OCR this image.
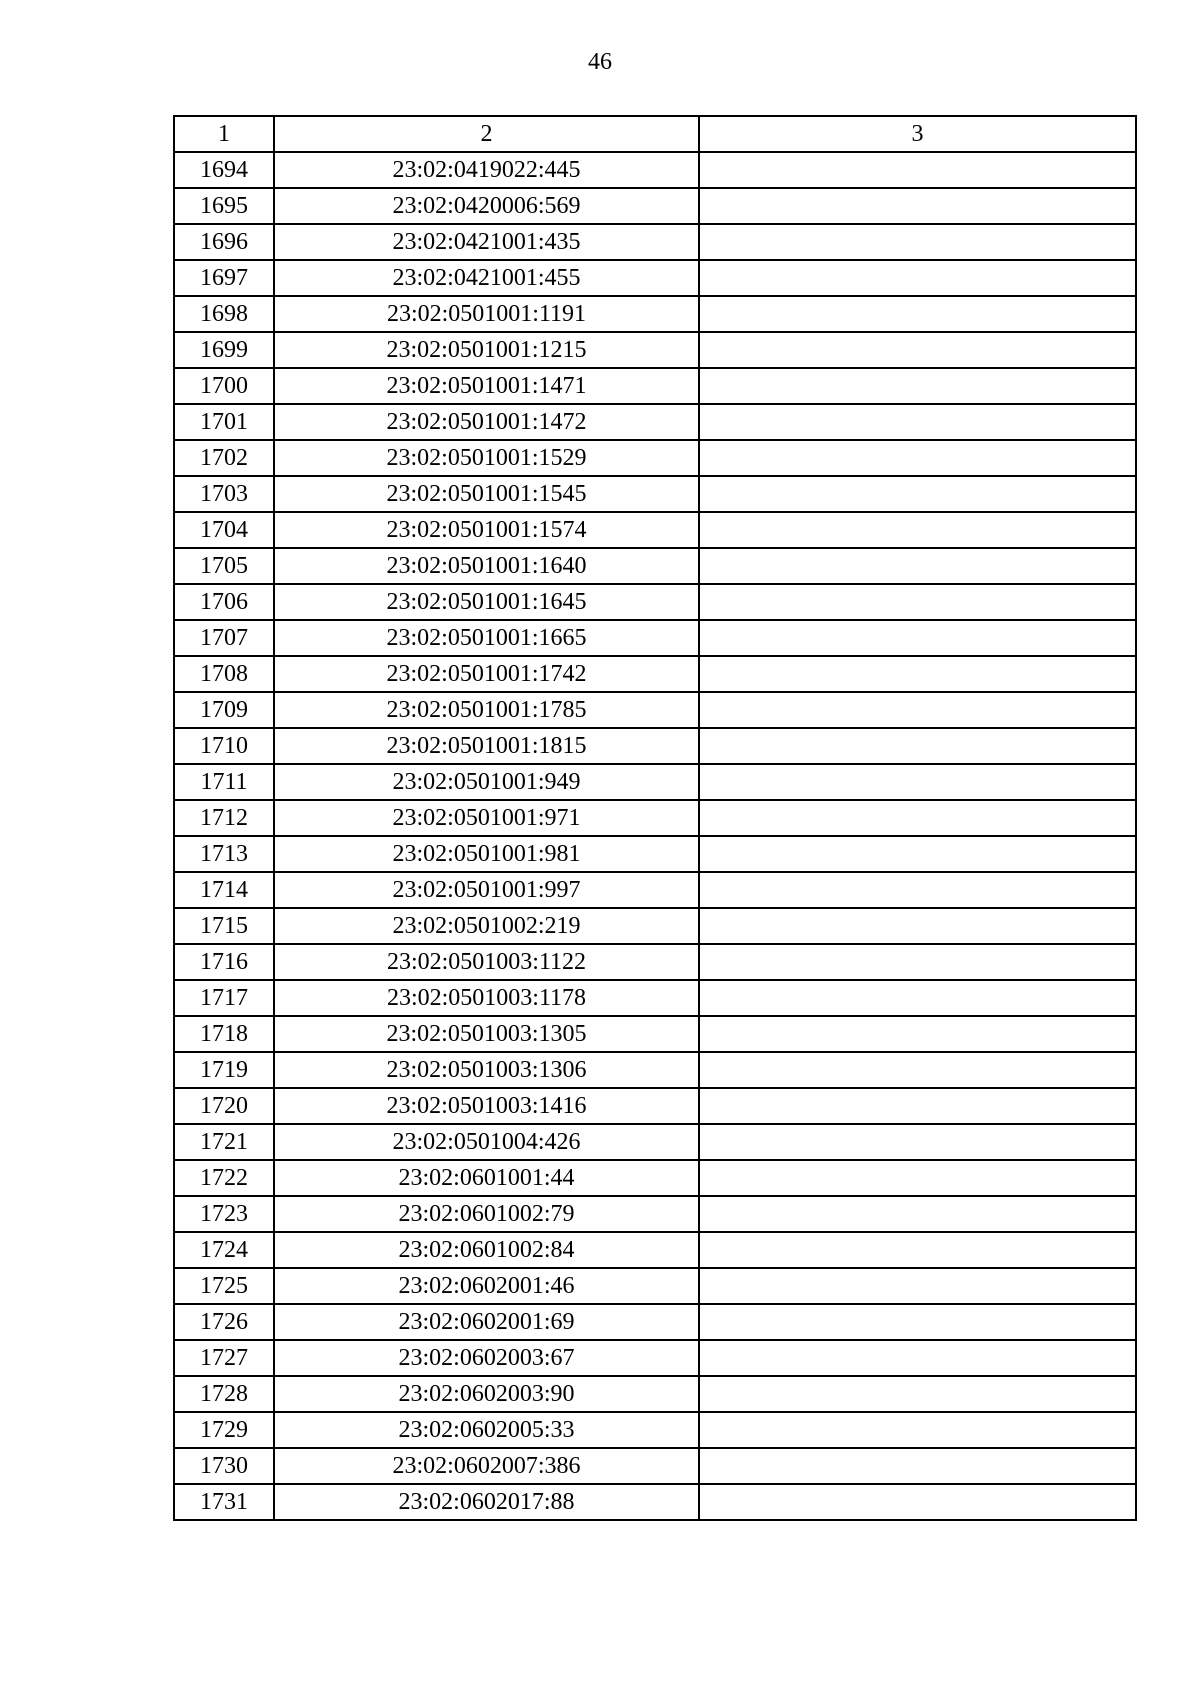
46
1	2	3
1694	23:02:0419022:445	
1695	23:02:0420006:569	
1696	23:02:0421001:435	
1697	23:02:0421001:455	
1698	23:02:0501001:1191	
1699	23:02:0501001:1215	
1700	23:02:0501001:1471	
1701	23:02:0501001:1472	
1702	23:02:0501001:1529	
1703	23:02:0501001:1545	
1704	23:02:0501001:1574	
1705	23:02:0501001:1640	
1706	23:02:0501001:1645	
1707	23:02:0501001:1665	
1708	23:02:0501001:1742	
1709	23:02:0501001:1785	
1710	23:02:0501001:1815	
1711	23:02:0501001:949	
1712	23:02:0501001:971	
1713	23:02:0501001:981	
1714	23:02:0501001:997	
1715	23:02:0501002:219	
1716	23:02:0501003:1122	
1717	23:02:0501003:1178	
1718	23:02:0501003:1305	
1719	23:02:0501003:1306	
1720	23:02:0501003:1416	
1721	23:02:0501004:426	
1722	23:02:0601001:44	
1723	23:02:0601002:79	
1724	23:02:0601002:84	
1725	23:02:0602001:46	
1726	23:02:0602001:69	
1727	23:02:0602003:67	
1728	23:02:0602003:90	
1729	23:02:0602005:33	
1730	23:02:0602007:386	
1731	23:02:0602017:88	
